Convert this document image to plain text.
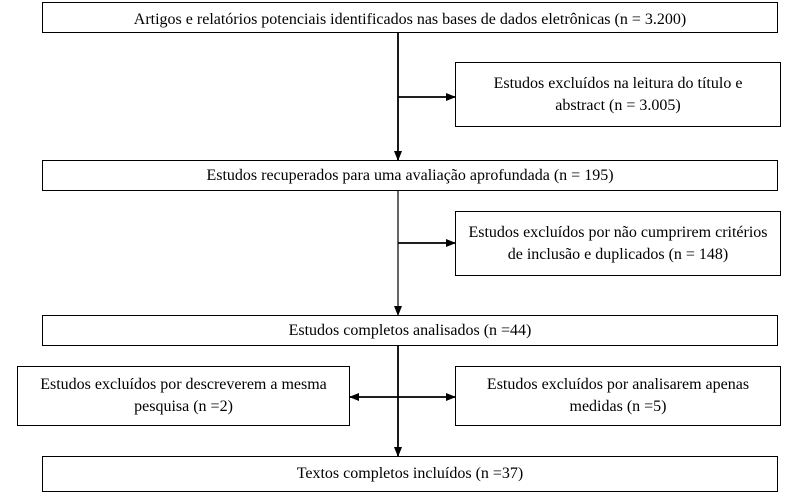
Artigos e relatórios potenciais identificados nas bases de dados eletrônicas (n = 3.200)
Estudos excluídos na leitura do título e abstract (n = 3.005)
Estudos recuperados para uma avaliação aprofundada (n = 195)
Estudos excluídos por não cumprirem critérios de inclusão e duplicados (n = 148)
Estudos completos analisados (n =44)
Estudos excluídos por descreverem a mesma pesquisa (n =2)
Estudos excluídos por analisarem apenas medidas (n =5)
Textos completos incluídos (n =37)
